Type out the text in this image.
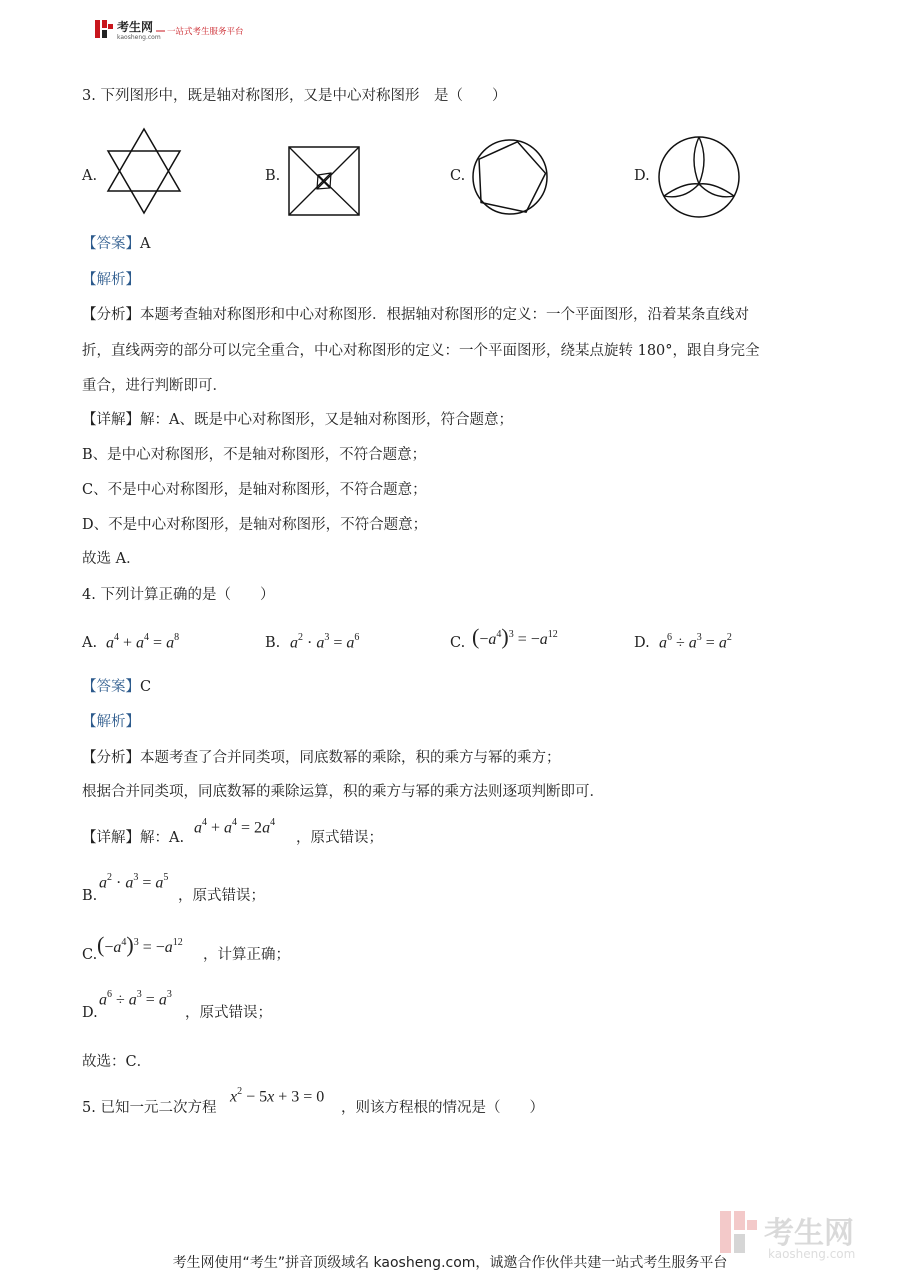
考生网
kaosheng.com
一站式考生服务平台
3. 下列图形中，既是轴对称图形，又是中心对称图形　是（　　）
A.	B.	C.	D.
【答案】A
【解析】
【分析】本题考查轴对称图形和中心对称图形．根据轴对称图形的定义：一个平面图形，沿着某条直线对
折，直线两旁的部分可以完全重合，中心对称图形的定义：一个平面图形，绕某点旋转 180°，跟自身完全
重合，进行判断即可．
【详解】解：A、既是中心对称图形，又是轴对称图形，符合题意；
B、是中心对称图形，不是轴对称图形，不符合题意；
C、不是中心对称图形，是轴对称图形，不符合题意；
D、不是中心对称图形，是轴对称图形，不符合题意；
故选 A．
4. 下列计算正确的是（　　）
A. $a^4 + a^4 = a^8$	B. $a^2 \cdot a^3 = a^6$	C. $(-a^4)^3 = -a^{12}$
D. $a^6 \div a^3 = a^2$
【答案】C
【解析】
【分析】本题考查了合并同类项，同底数幂的乘除，积的乘方与幂的乘方；
根据合并同类项，同底数幂的乘除运算，积的乘方与幂的乘方法则逐项判断即可．
【详解】解：A.
$a^4 + a^4 = 2a^4$
，原式错误；
B.
$a^2 \cdot a^3 = a^5$
，原式错误；
C. $(-a^4)^3 = -a^{12}$
，计算正确；
D.
$a^6 \div a^3 = a^3$
，原式错误；
故选：C．
5. 已知一元二次方程
$x^2 - 5x + 3 = 0$
，则该方程根的情况是（　　）
考生网
kaosheng.com
考生网使用“考生”拼音顶级域名 kaosheng.com，诚邀合作伙伴共建一站式考生服务平台
